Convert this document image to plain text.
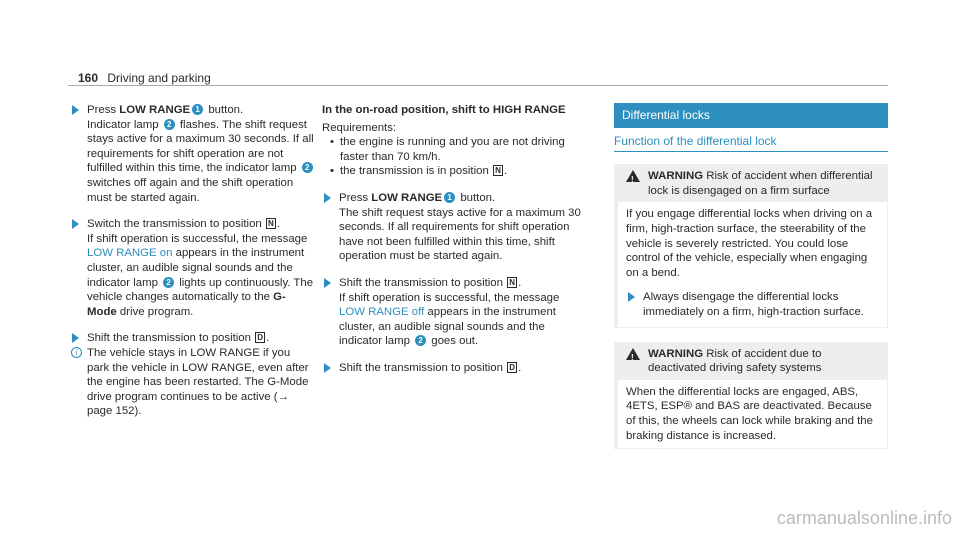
160 Driving and parking
Press LOW RANGE 1 button.
Indicator lamp 2 flashes. The shift request stays active for a maximum 30 seconds. If all requirements for shift operation are not fulfilled within this time, the indicator lamp 2 switches off again and the shift operation must be started again.
Switch the transmission to position N .
If shift operation is successful, the message LOW RANGE on appears in the instrument cluster, an audible signal sounds and the indicator lamp 2 lights up continuously. The vehicle changes automatically to the G-Mode drive program.
Shift the transmission to position D .
i The vehicle stays in LOW RANGE if you park the vehicle in LOW RANGE, even after the engine has been restarted. The G-Mode drive program continues to be active (→ page 152).
In the on-road position, shift to HIGH RANGE
Requirements:
• the engine is running and you are not driving faster than 70 km/h.
• the transmission is in position N .
Press LOW RANGE 1 button.
The shift request stays active for a maximum 30 seconds. If all requirements for shift operation have not been fulfilled within this time, shift operation must be started again.
Shift the transmission to position N .
If shift operation is successful, the message LOW RANGE off appears in the instrument cluster, an audible signal sounds and the indicator lamp 2 goes out.
Shift the transmission to position D .
Differential locks
Function of the differential lock
! WARNING Risk of accident when differential lock is disengaged on a firm surface
If you engage differential locks when driving on a firm, high-traction surface, the steerability of the vehicle is severely restricted. You could lose control of the vehicle, especially when engaging on a bend.
Always disengage the differential locks immediately on a firm, high-traction surface.
! WARNING Risk of accident due to deactivated driving safety systems
When the differential locks are engaged, ABS, 4ETS, ESP® and BAS are deactivated. Because of this, the wheels can lock while braking and the braking distance is increased.
carmanualsonline.info
